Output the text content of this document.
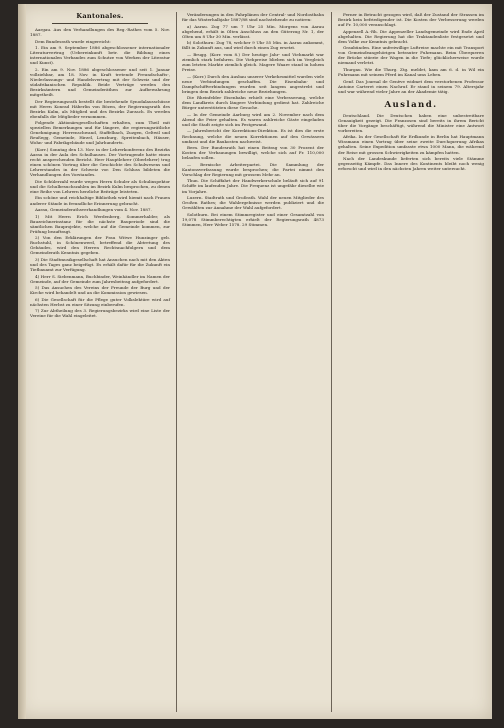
Kantonales.

Aargau. Aus den Verhandlungen des Reg.-Rathes vom 5. Nov. 1887.

Dem Bundesrath wurde eingereicht:

1. Ein am 9. September 1886 abgeschlossener internationaler Literaturvertrag (Uebereinkunft betr. die Bildung eines internationalen Verbandes zum Schutze von Werken der Literatur und Kunst).

2. Ein am 9. Nov. 1886 abgeschlossener und seit 1. Januar vollziehbar, am 18. Nov. in Kraft tretende Freundschafts-, Niederlassungs- und Handelsvertrag mit der Schweiz und der südafrikanischen Republik. Beide Verträge werden den Bezirksämtern und Gemeinderäthen zur Aufbewahrung mitgetheilt.

Der Regierungsrath bestellt die bestehende Synodalausschüsse mit Herrn Konrad Häberlin von Bözen, der Regierungsrath des Bezirks Kulm, als Mitglied und des Bezirks Zurzach. Es werden ebenfalls die Mitglieder vernommen.

Folgende Aktionärsgesellschaften erhalten, zum Theil mit speziellen Bemerkungen und für längere, die regierungsrätliche Genehmigung: Herrenschwand, Staffelbach, Zuzgen, Geltwil und Reußegg, Gemeinde, Hirzel, Lenzburg, Spreitenbach, Häuser, Wohn- und Fabrikgebäude und Jahrhunderts.

(Korr.) Sonntag den 13. Nov. in der Lehrerkonferenz des Bezirks Aarau in der Aula des Schulhauses. Der Vortragende hatte einen recht ansprechenden Bericht. Herr Hauptlehrer (Oberlehrer) trug einen schönen Vortrag über die Geschichte des Schulwesens und Lehrerstandes in der Schweiz vor. Den Schluss bildeten die Verhandlungen des Vorstandes.

Die Schülerzahl wurde wegen Herrn Schuler als Schulinspektor und die Schulbesuchszahlen im Bezirk Kulm besprochen, zu denen eine Reihe von Lehrern herzliche Beiträge leisteten.

Ein schöne und reichhaltige Bibliothek wird hiemit nach Frauen anderer Stände in freundliche Erinnerung gebracht.

Aarau, Gemeinderathsverhandlungen vom 4. Nov. 1887.

1) Mit Herrn Erich Werdenberg, Sommerhalder, als Bauzeichnerinstanz für die nächste Bauperiode sind die sämtlichen Bauprojekte, welche auf die Gemeinde kommen, zur Prüfung beauftragt.

2) Von den Erklärungen der Frau Witwe Hunzinger geb. Ruchstuhl, in Schönenwerd, betreffend die Abtretung des Gebäudes, wird den Herren Rechtsnachfolgern und dem Gemeinderath Kenntnis gegeben.

3) Die Stadtmusikgesellschaft hat Ansuchen nach mit den Akten und des Tages ganz beigefügt. Es erhält dafür für die Zukunft ein Tiefbauamt zur Verfügung.

4) Herr S. Siebenmann, Buchbinder, Weinhändler im Namen der Gemeinde, auf der Gemeinde zum Jahresbeitrag aufgefordert.

5) Das Ansuchen des Vereins der Freunde der Burg und der Kirche wird behandelt und an die Kommission gewiesen.

6) Die Gesellschaft für die Pflege guter Volkslektüre wird auf nächsten Herbst zu einer Sitzung einberufen.

7) Zur Abtheilung des 3. Regierungsbezirks wird eine Liste der Vereine für die Wahl eingeleitet.

Veränderungen in den Fahrplänen der Central- und Nordostbahn für das Winterhalbjahr 1887/88 sind nachstehende zu notiren:

a) Aarau. Zug 77 um 7 Uhr 25 Min. Morgens von Aarau abgehend, erhält in Olten Anschluss an den Güterzug Nr. 1, der Olten um 8 Uhr 30 Min. verlässt.

b) Solothurn: Zug 78, welcher 9 Uhr 55 Min. in Aarau ankommt, fällt in Zukunft aus, und wird durch einen Zug ersetzt.

— Brugg. (Korr. vom 8.) Der heutige Jahr- und Viehmarkt war ziemlich stark befahren. Die Viehpreise blieben sich im Vergleich zum letzten Markte ziemlich gleich. Magere Waare stand in hohem Preise.

— (Korr.) Durch den Ausbau unserer Verkehrsmittel wurden viele neue Verbindungen geschaffen. Die Eisenbahn- und Dampfschiffverbindungen wurden seit langem angestrebt und bringen dem Bezirk zahlreiche neue Beziehungen.

Die Rheinfelder Eisenbahn erhielt eine Verbesserung, welche dem Landkreis durch längere Verbindung gedient hat. Zahlreiche Bürger unterstützten diese Gesuche.

— In der Gemeinde Aarburg wird am 2. November nach dem Abend die Feier gehalten. Es waren zahlreiche Gäste eingeladen und die Stadt zeigte sich im Festgewand.

— Jahresbericht der Korrektions-Direktion. Es ist dies die erste Rechnung, welche die neuen Korrektionen auf den Gewässern umfasst und die Baukosten nachweist.

Bern. Der Bundesrath hat einen Beitrag von 30 Prozent der Kosten der Verbauungen bewilligt, welche sich auf Fr. 110,000 belaufen sollen.

— Bernische Arbeiterpartei. Die Sammlung der Kantonsverfassung wurde besprochen; die Partei nimmt den Vorschlag der Regierung mit grossem Mehr an.

Thun. Die Schiffahrt der Handwerkerschule beläuft sich auf 91 Schiffe im laufenden Jahre. Die Frequenz ist ungefähr dieselbe wie im Vorjahre.

Luzern. Stadtrath und Großrath. Wahl der neuen Mitglieder des Großen Rathes; die Wahlergebnisse werden publiziert und die Gewählten zur Annahme der Wahl aufgefordert.

Solothurn. Bei einem Stimmregister und einer Gesamtzahl von 19,078 Stimmberechtigten erhielt der Regierungsrath 4873 Stimmen, Herr Weber 1578. 29 Stimmen.

Ferner in Betracht gezogen wird, daß der Zustand der Strassen im Bezirk kein befriedigender ist. Die Kosten der Verbesserung werden auf Fr. 10,000 veranschlagt.

Appenzell A.-Rh. Die Appenzeller Landsgemeinde wird Ende April abgehalten. Die Regierung hat die Traktandenliste festgesetzt und dem Volke zur Kenntnis gebracht.

Graubünden. Eine unfreiwillige Luftreise machte ein mit Transport von Gemeindeangehörigen betrauter Fuhrmann. Beim Überqueren der Brücke stürzte der Wagen in die Tiefe; glücklicherweise wurde niemand verletzt.

Thurgau. Wie die Thurg. Ztg. meldet, kam am 6. d. in Wil ein Fuhrmann mit seinem Pferd im Kanal ums Leben.

Genf. Das Journal de Genève widmet dem verstorbenen Professor Antoine Carteret einen Nachruf. Er stand in seinem 79. Altersjahr und war während vieler Jahre an der Akademie tätig.

Ausland.

Deutschland. Die Deutschen haben eine unbestreitbare Genauigkeit gezeigt. Die Franzosen sind bereits in ihrem Bericht über die Vorgänge beschäftigt, während die Minister eine Antwort vorbereiten.

Afrika. In der Gesellschaft für Erdkunde in Berlin hat Hauptmann Wissmann einen Vortrag über seine zweite Durchquerung Afrikas gehalten. Seine Expedition umfasste etwa 1000 Mann, die während der Reise mit grossen Schwierigkeiten zu kämpfen hatten.

Nach der Landeskunde lieferten sich bereits viele Stämme gegenseitig Kämpfe. Das Innere des Kontinents bleibt noch wenig erforscht und wird in den nächsten Jahren weiter untersucht.
